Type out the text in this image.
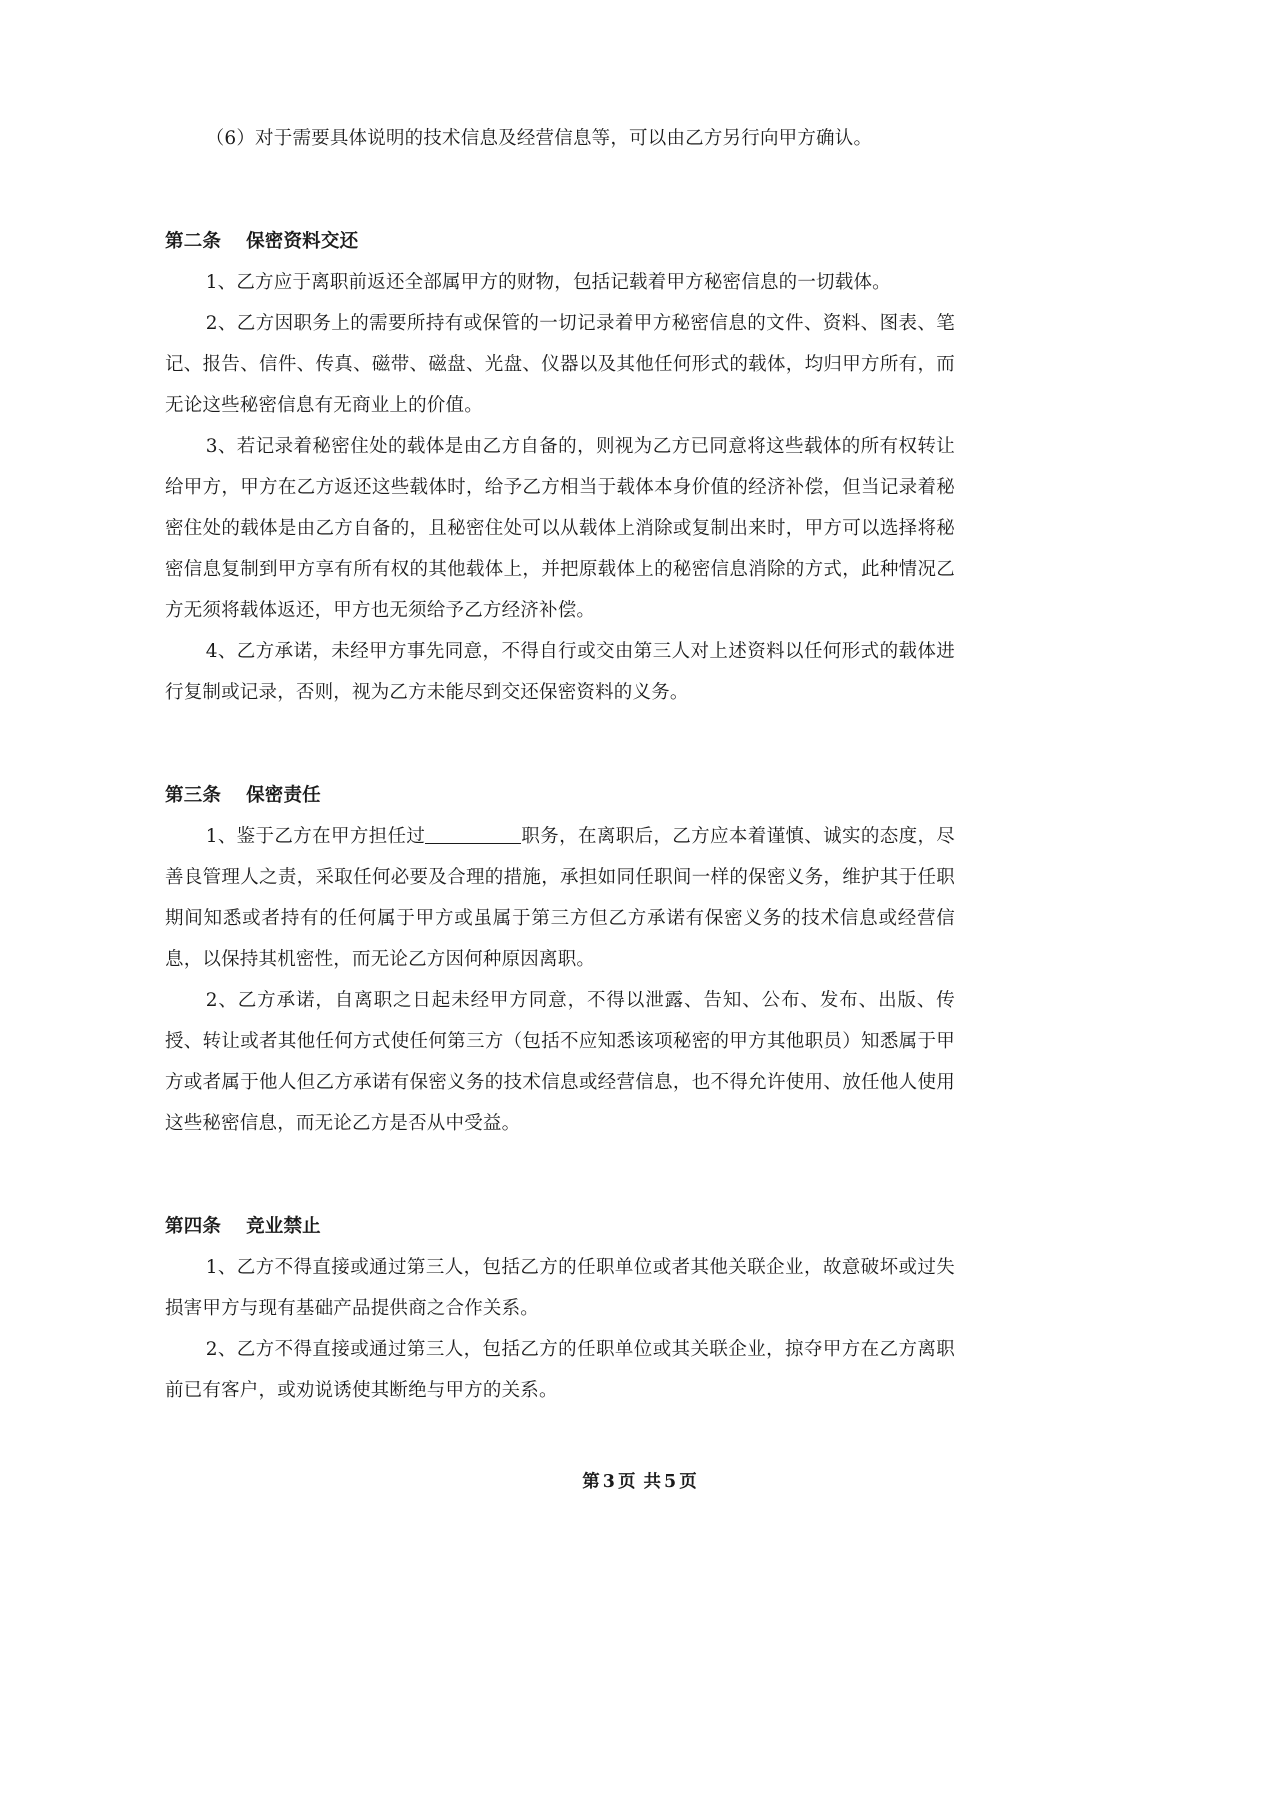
（6）对于需要具体说明的技术信息及经营信息等，可以由乙方另行向甲方确认。

第二条 保密资料交还

1、乙方应于离职前返还全部属甲方的财物，包括记载着甲方秘密信息的一切载体。

2、乙方因职务上的需要所持有或保管的一切记录着甲方秘密信息的文件、资料、图表、笔记、报告、信件、传真、磁带、磁盘、光盘、仪器以及其他任何形式的载体，均归甲方所有，而无论这些秘密信息有无商业上的价值。

3、若记录着秘密住处的载体是由乙方自备的，则视为乙方已同意将这些载体的所有权转让给甲方，甲方在乙方返还这些载体时，给予乙方相当于载体本身价值的经济补偿，但当记录着秘密住处的载体是由乙方自备的，且秘密住处可以从载体上消除或复制出来时，甲方可以选择将秘密信息复制到甲方享有所有权的其他载体上，并把原载体上的秘密信息消除的方式，此种情况乙方无须将载体返还，甲方也无须给予乙方经济补偿。

4、乙方承诺，未经甲方事先同意，不得自行或交由第三人对上述资料以任何形式的载体进行复制或记录，否则，视为乙方未能尽到交还保密资料的义务。

第三条 保密责任

1、鉴于乙方在甲方担任过	职务，在离职后，乙方应本着谨慎、诚实的态度，尽善良管理人之责，采取任何必要及合理的措施，承担如同任职间一样的保密义务，维护其于任职期间知悉或者持有的任何属于甲方或虽属于第三方但乙方承诺有保密义务的技术信息或经营信息，以保持其机密性，而无论乙方因何种原因离职。

2、乙方承诺，自离职之日起未经甲方同意，不得以泄露、告知、公布、发布、出版、传授、转让或者其他任何方式使任何第三方（包括不应知悉该项秘密的甲方其他职员）知悉属于甲方或者属于他人但乙方承诺有保密义务的技术信息或经营信息，也不得允许使用、放任他人使用这些秘密信息，而无论乙方是否从中受益。

第四条 竞业禁止

1、乙方不得直接或通过第三人，包括乙方的任职单位或者其他关联企业，故意破坏或过失损害甲方与现有基础产品提供商之合作关系。

2、乙方不得直接或通过第三人，包括乙方的任职单位或其关联企业，掠夺甲方在乙方离职前已有客户，或劝说诱使其断绝与甲方的关系。

第 3 页 共 5 页
